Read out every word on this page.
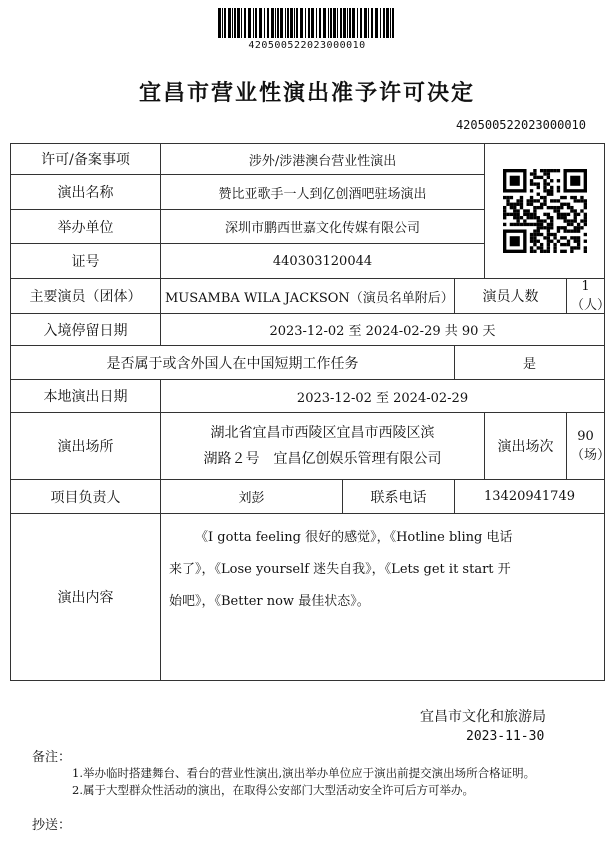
420500522023000010
宜昌市营业性演出准予许可决定
420500522023000010
许可/备案事项	涉外/涉港澳台营业性演出	

演出名称	赞比亚歌手一人到亿创酒吧驻场演出				
举办单位	深圳市鹏西世嘉文化传媒有限公司				
证号	440303120044				
主要演员（团体）	MUSAMBA WILA JACKSON（演员名单附后）		演员人数		1（人）
入境停留日期	2023-12-02 至 2024-02-29 共 90 天				
是否属于或含外国人在中国短期工作任务			是		
本地演出日期	2023-12-02 至 2024-02-29				
演出场所	湖北省宜昌市西陵区宜昌市西陵区滨
湖路２号　宜昌亿创娱乐管理有限公司			演出场次	90（场）
项目负责人	刘彭	联系电话	13420941749		
演出内容	《I gotta feeling 很好的感觉》，《Hotline bling 电话
来了》，《Lose yourself 迷失自我》，《Lets get it start 开
始吧》，《Better now 最佳状态》。				
宜昌市文化和旅游局
2023-11-30
备注：
1.举办临时搭建舞台、看台的营业性演出,演出举办单位应于演出前提交演出场所合格证明。
2.属于大型群众性活动的演出，在取得公安部门大型活动安全许可后方可举办。
抄送：
